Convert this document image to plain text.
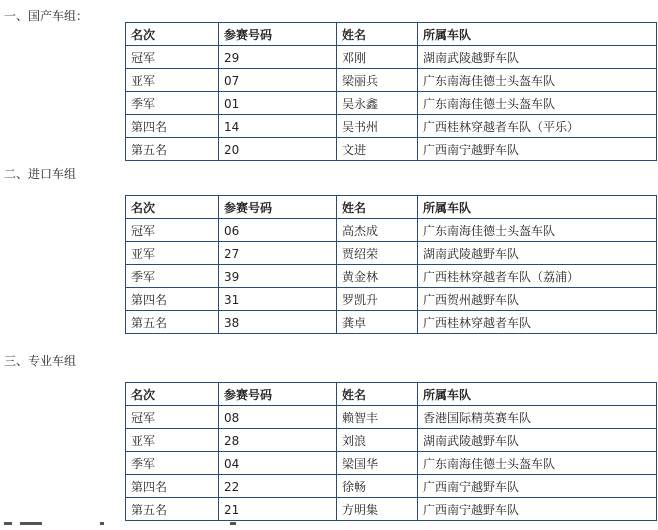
一、国产车组：
名次	参赛号码	姓名	所属车队
冠军	29	邓刚	湖南武陵越野车队
亚军	07	梁丽兵	广东南海佳德士头盔车队
季军	01	吴永鑫	广东南海佳德士头盔车队
第四名	14	吴书州	广西桂林穿越者车队（平乐）
第五名	20	文进	广西南宁越野车队
二、进口车组
名次	参赛号码	姓名	所属车队
冠军	06	高杰成	广东南海佳德士头盔车队
亚军	27	贾绍荣	湖南武陵越野车队
季军	39	黄金林	广西桂林穿越者车队（荔浦）
第四名	31	罗凯升	广西贺州越野车队
第五名	38	龚卓	广西桂林穿越者车队
三、专业车组
名次	参赛号码	姓名	所属车队
冠军	08	赖智丰	香港国际精英赛车队
亚军	28	刘浪	湖南武陵越野车队
季军	04	梁国华	广东南海佳德士头盔车队
第四名	22	徐畅	广西南宁越野车队
第五名	21	方明集	广西南宁越野车队
